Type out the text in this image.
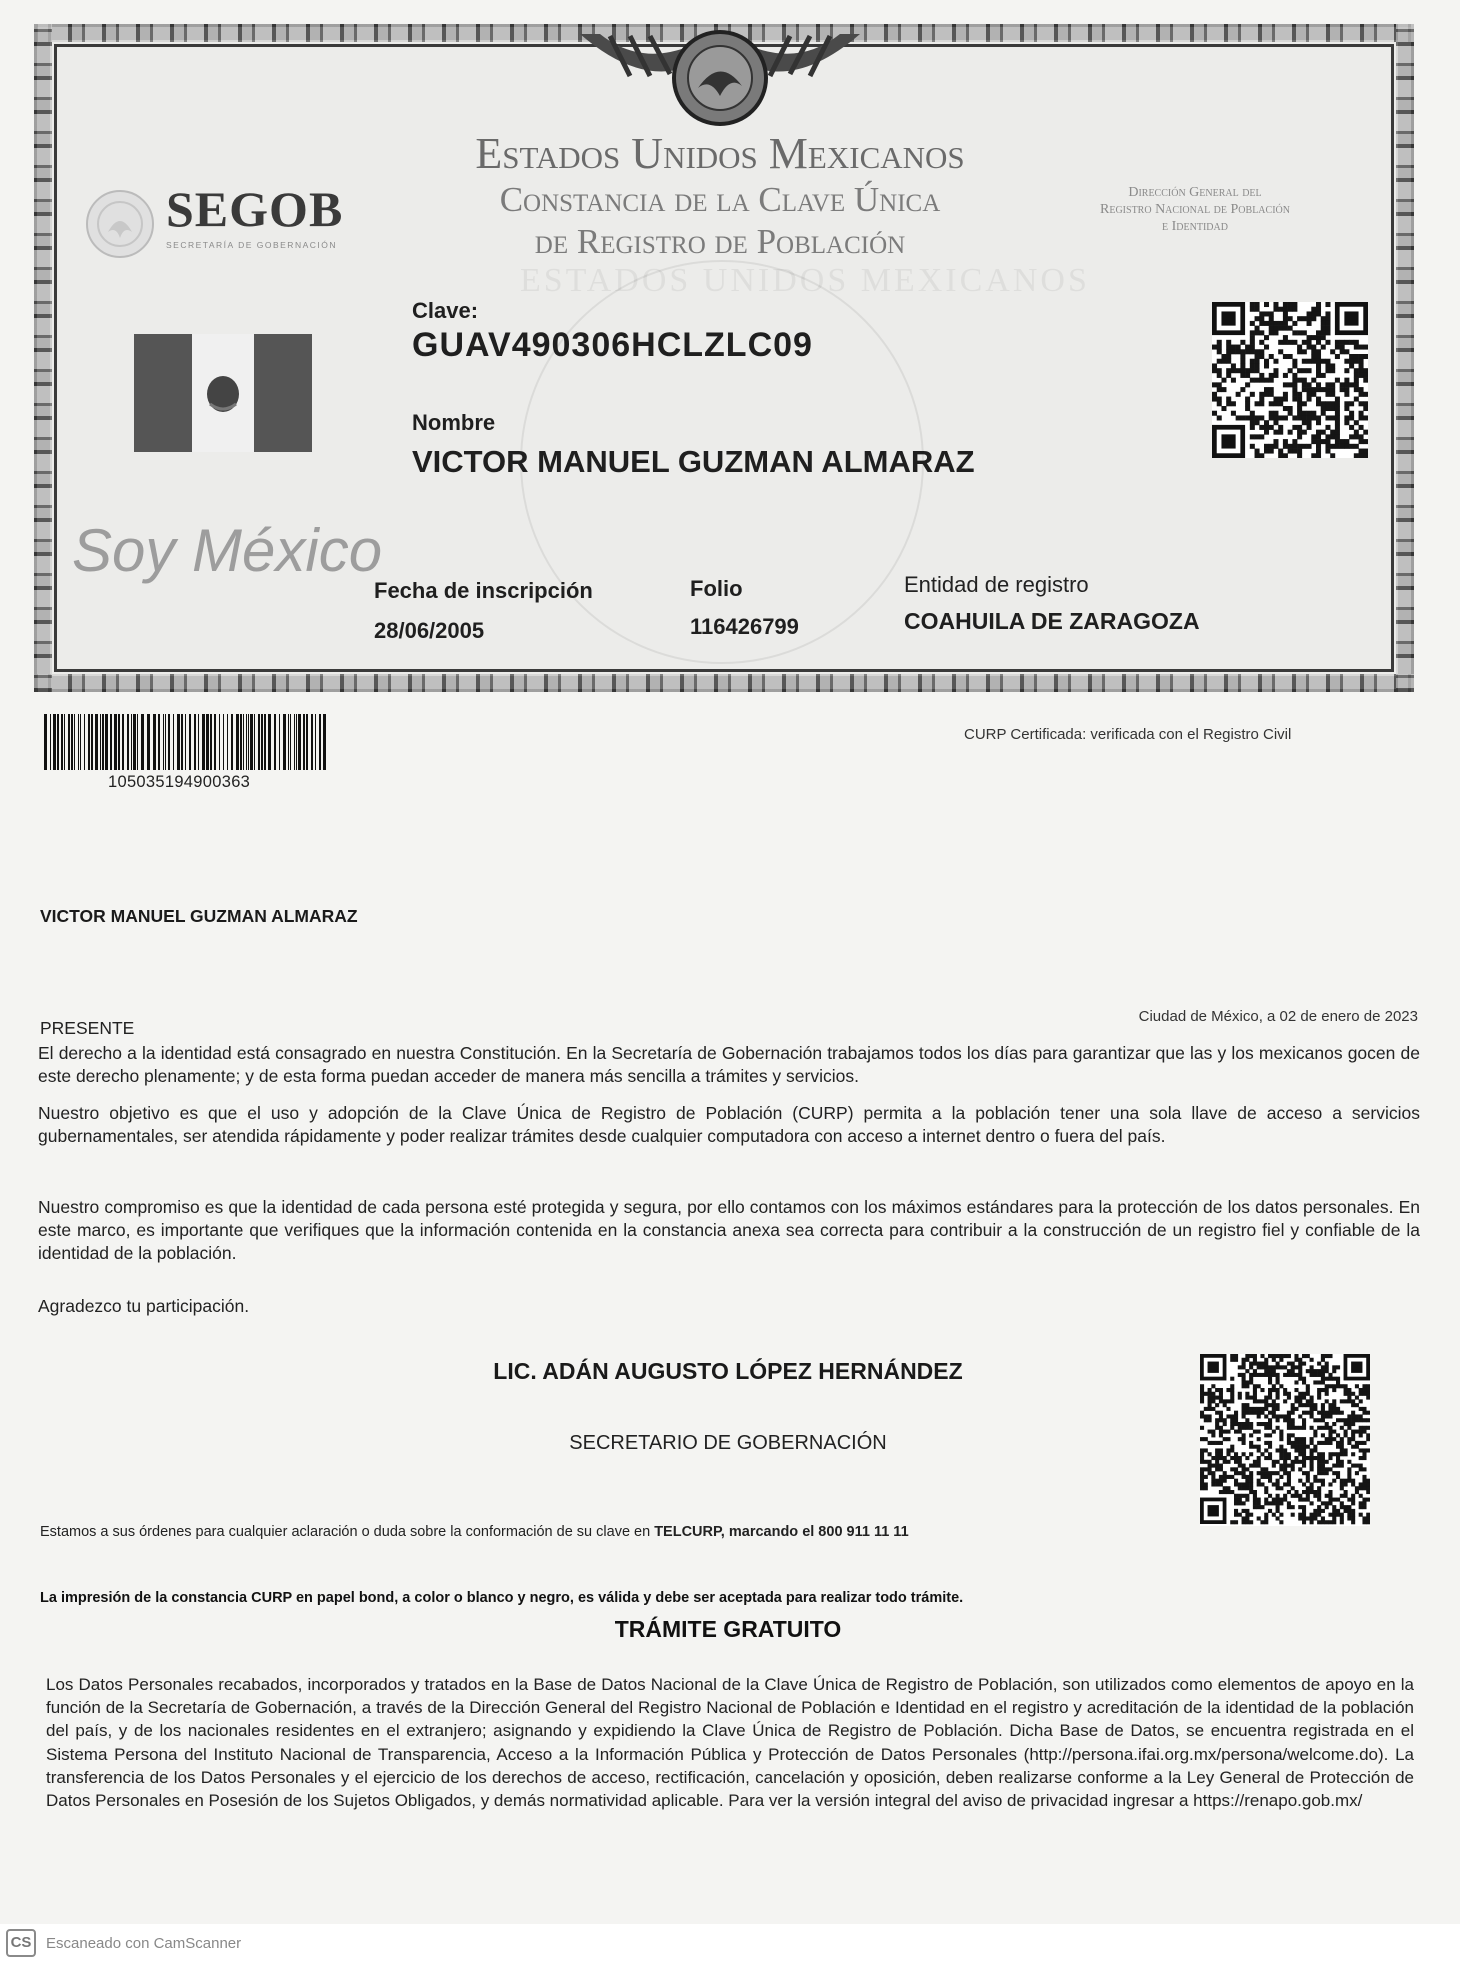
Estados Unidos Mexicanos
Constancia de la Clave Única
de Registro de Población
SEGOB
SECRETARÍA DE GOBERNACIÓN
Dirección General del
Registro Nacional de Población
e Identidad
ESTADOS UNIDOS MEXICANOS
Soy México
Clave:
GUAV490306HCLZLC09
Nombre
VICTOR MANUEL GUZMAN ALMARAZ
Fecha de inscripción
28/06/2005
Folio
116426799
Entidad de registro
COAHUILA DE ZARAGOZA
105035194900363
CURP Certificada: verificada con el Registro Civil
VICTOR MANUEL GUZMAN ALMARAZ
PRESENTE
Ciudad de México, a 02 de enero de 2023
El derecho a la identidad está consagrado en nuestra Constitución. En la Secretaría de Gobernación trabajamos todos los días para garantizar que las y los mexicanos gocen de este derecho plenamente; y de esta forma puedan acceder de manera más sencilla a trámites y servicios.
Nuestro objetivo es que el uso y adopción de la Clave Única de Registro de Población (CURP) permita a la población tener una sola llave de acceso a servicios gubernamentales, ser atendida rápidamente y poder realizar trámites desde cualquier computadora con acceso a internet dentro o fuera del país.
Nuestro compromiso es que la identidad de cada persona esté protegida y segura, por ello contamos con los máximos estándares para la protección de los datos personales. En este marco, es importante que verifiques que la información contenida en la constancia anexa sea correcta para contribuir a la construcción de un registro fiel y confiable de la identidad de la población.
Agradezco tu participación.
LIC. ADÁN AUGUSTO LÓPEZ HERNÁNDEZ
SECRETARIO DE GOBERNACIÓN
Estamos a sus órdenes para cualquier aclaración o duda sobre la conformación de su clave en TELCURP, marcando el 800 911 11 11
La impresión de la constancia CURP en papel bond, a color o blanco y negro, es válida y debe ser aceptada para realizar todo trámite.
TRÁMITE GRATUITO
Los Datos Personales recabados, incorporados y tratados en la Base de Datos Nacional de la Clave Única de Registro de Población, son utilizados como elementos de apoyo en la función de la Secretaría de Gobernación, a través de la Dirección General del Registro Nacional de Población e Identidad en el registro y acreditación de la identidad de la población del país, y de los nacionales residentes en el extranjero; asignando y expidiendo la Clave Única de Registro de Población. Dicha Base de Datos, se encuentra registrada en el Sistema Persona del Instituto Nacional de Transparencia, Acceso a la Información Pública y Protección de Datos Personales (http://persona.ifai.org.mx/persona/welcome.do). La transferencia de los Datos Personales y el ejercicio de los derechos de acceso, rectificación, cancelación y oposición, deben realizarse conforme a la Ley General de Protección de Datos Personales en Posesión de los Sujetos Obligados, y demás normatividad aplicable. Para ver la versión integral del aviso de privacidad ingresar a https://renapo.gob.mx/
CS Escaneado con CamScanner
